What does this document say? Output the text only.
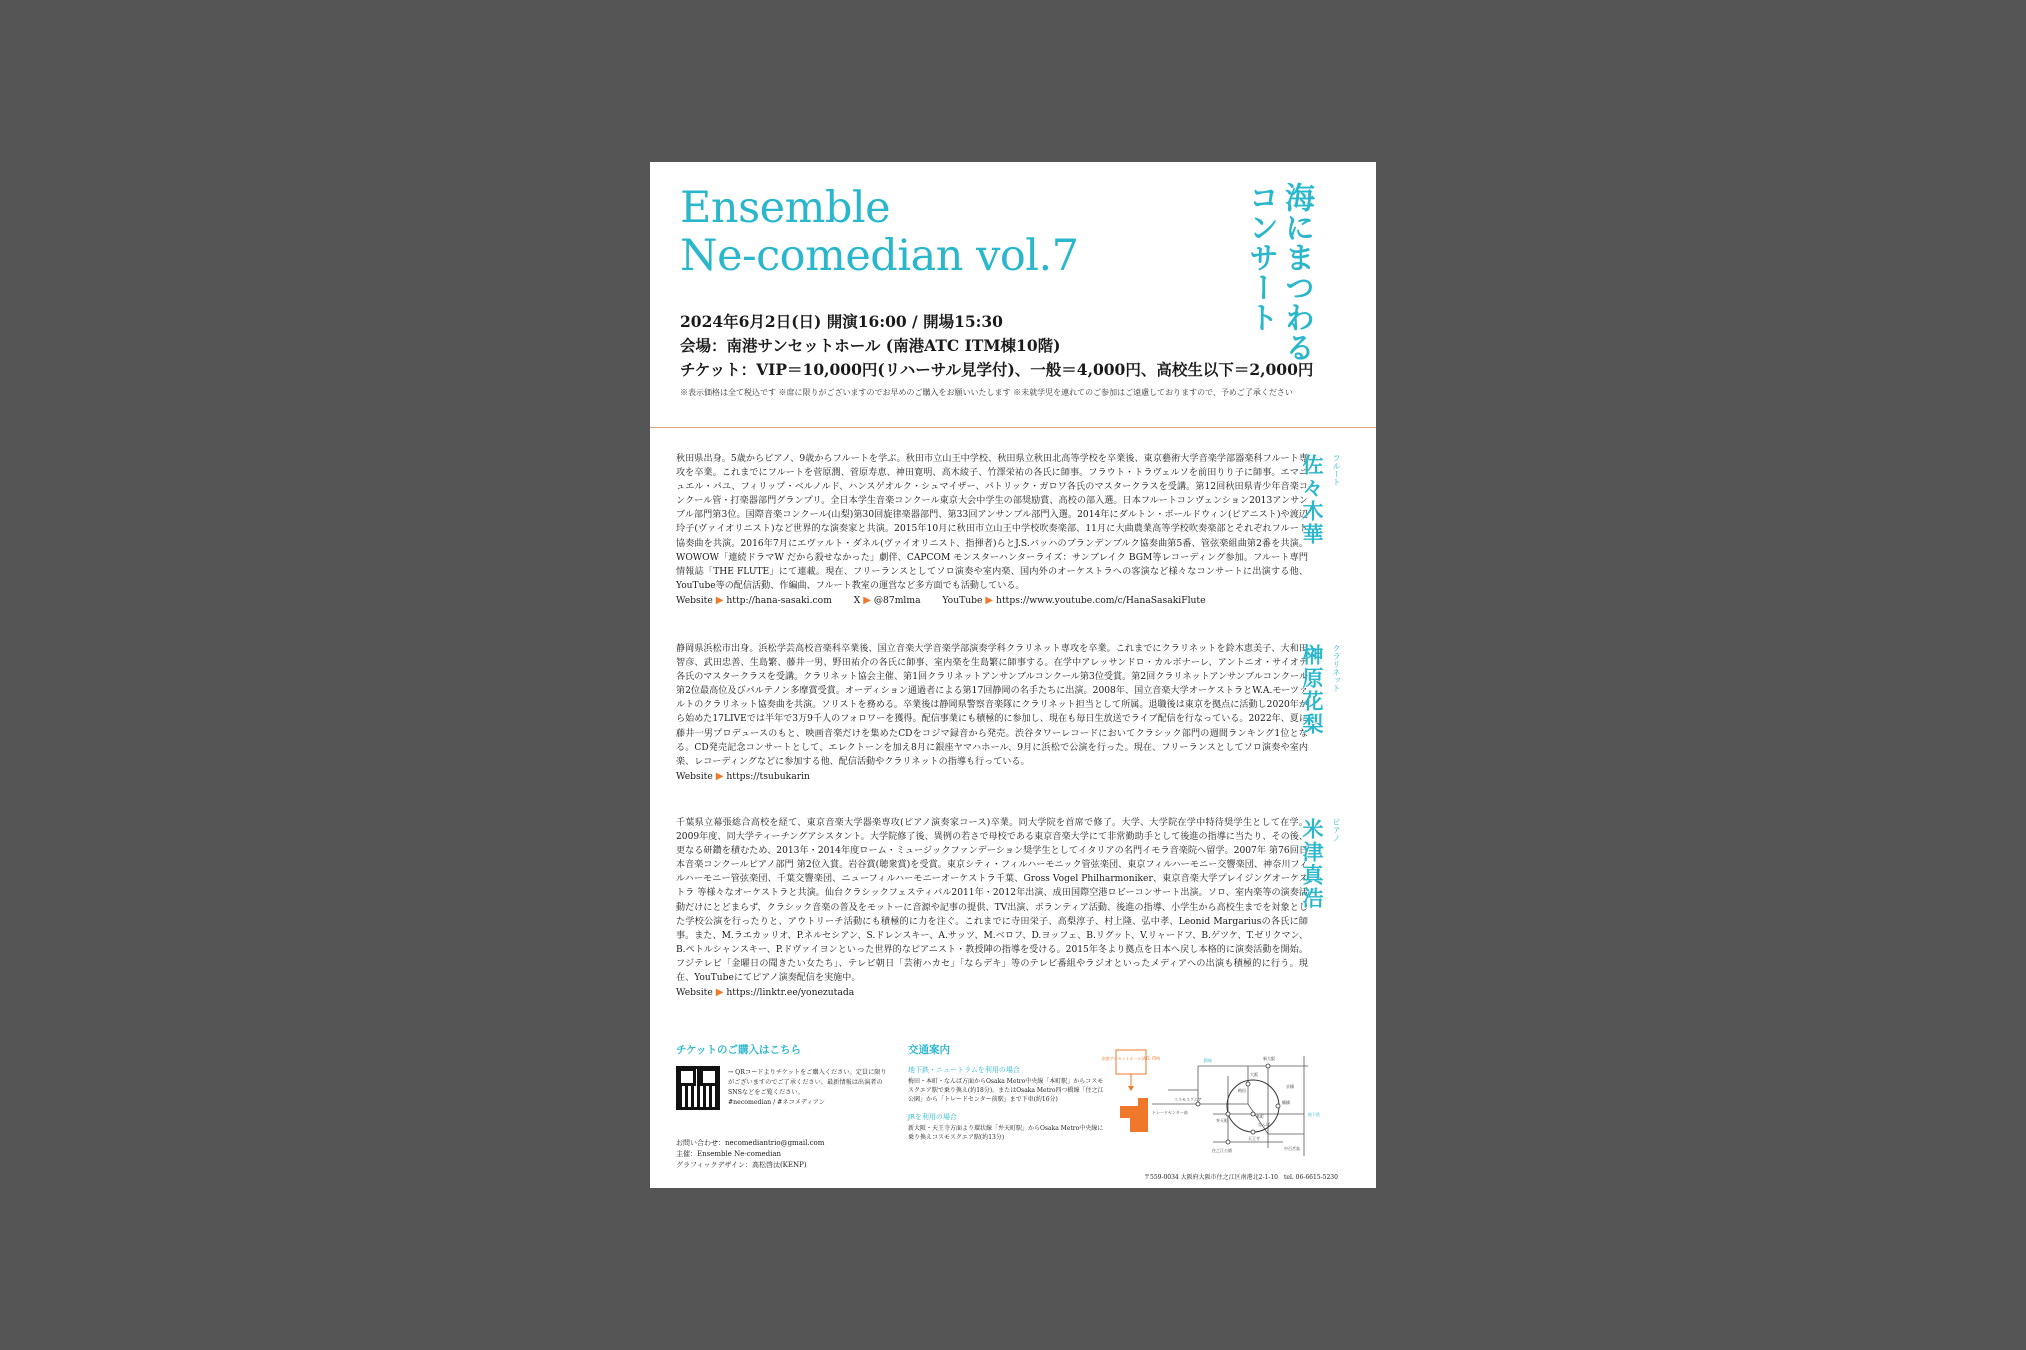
Ensemble
Ne-comedian vol.7	海にまつわるコンサート
2024年6月2日(日) 開演16:00 / 開場15:30
会場：南港サンセットホール (南港ATC ITM棟10階)
チケット：VIP＝10,000円(リハーサル見学付)、一般＝4,000円、高校生以下＝2,000円
※表示価格は全て税込です ※席に限りがございますのでお早めのご購入をお願いいたします ※未就学児を連れてのご参加はご遠慮しておりますので、予めご了承ください

秋田県出身。5歳からピアノ、9歳からフルートを学ぶ。秋田市立山王中学校、秋田県立秋田北高等学校を卒業後、東京藝術大学音楽学部器楽科フルート専攻を卒業。これまでにフルートを菅原潤、菅原寿恵、神田寛明、高木綾子、竹澤栄祐の各氏に師事。フラウト・トラヴェルソを前田りり子に師事。エマニュエル・パユ、フィリップ・ベルノルド、ハンスゲオルク・シュマイザー、パトリック・ガロワ各氏のマスタークラスを受講。第12回秋田県青少年音楽コンクール管・打楽器部門グランプリ。全日本学生音楽コンクール東京大会中学生の部奨励賞、高校の部入選。日本フルートコンヴェンション2013アンサンブル部門第3位。国際音楽コンクール(山梨)第30回旋律楽器部門、第33回アンサンブル部門入選。2014年にダルトン・ボールドウィン(ピアニスト)や渡辺玲子(ヴァイオリニスト)など世界的な演奏家と共演。2015年10月に秋田市立山王中学校吹奏楽部、11月に大曲農業高等学校吹奏楽部とそれぞれフルート協奏曲を共演。2016年7月にエヴァルト・ダネル(ヴァイオリニスト、指揮者)らとJ.S.バッハのブランデンブルク協奏曲第5番、管弦楽組曲第2番を共演。WOWOW「連続ドラマW だから殺せなかった」劇伴、CAPCOM モンスターハンターライズ：サンブレイク BGM等レコーディング参加。フルート専門情報誌「THE FLUTE」にて連載。現在、フリーランスとしてソロ演奏や室内楽、国内外のオーケストラへの客演など様々なコンサートに出演する他、YouTube等の配信活動、作編曲、フルート教室の運営など多方面でも活動している。

Website ▶ http://hana-sasaki.com X ▶ @87mlma YouTube ▶ https://www.youtube.com/c/HanaSasakiFlute
フルート
佐々木華

静岡県浜松市出身。浜松学芸高校音楽科卒業後、国立音楽大学音楽学部演奏学科クラリネット専攻を卒業。これまでにクラリネットを鈴木恵美子、大和田智彦、武田忠善、生島繁、藤井一男、野田祐介の各氏に師事、室内楽を生島繁に師事する。在学中アレッサンドロ・カルボナーレ、アントニオ・サイオテ各氏のマスタークラスを受講。クラリネット協会主催、第1回クラリネットアンサンブルコンクール第3位受賞。第2回クラリネットアンサンブルコンクール第2位最高位及びパルテノン多摩賞受賞。オーディション通過者による第17回静岡の名手たちに出演。2008年、国立音楽大学オーケストラとW.A.モーツァルトのクラリネット協奏曲を共演。ソリストを務める。卒業後は静岡県警察音楽隊にクラリネット担当として所属。退職後は東京を拠点に活動し2020年から始めた17LIVEでは半年で3万9千人のフォロワーを獲得。配信事業にも積極的に参加し、現在も毎日生放送でライブ配信を行なっている。2022年、夏に藤井一男プロデュースのもと、映画音楽だけを集めたCDをコジマ録音から発売。渋谷タワーレコードにおいてクラシック部門の週間ランキング1位となる。CD発売記念コンサートとして、エレクトーンを加え8月に銀座ヤマハホール、9月に浜松で公演を行った。現在、フリーランスとしてソロ演奏や室内楽、レコーディングなどに参加する他、配信活動やクラリネットの指導も行っている。

Website ▶ https://tsubukarin
クラリネット
榊原花梨

千葉県立幕張総合高校を経て、東京音楽大学器楽専攻(ピアノ演奏家コース)卒業。同大学院を首席で修了。大学、大学院在学中特待奨学生として在学。2009年度、同大学ティーチングアシスタント。大学院修了後、異例の若さで母校である東京音楽大学にて非常勤助手として後進の指導に当たり、その後、更なる研鑽を積むため、2013年・2014年度ローム・ミュージックファンデーション奨学生としてイタリアの名門イモラ音楽院へ留学。2007年 第76回日本音楽コンクールピアノ部門 第2位入賞。岩谷賞(聴衆賞)を受賞。東京シティ・フィルハーモニック管弦楽団、東京フィルハーモニー交響楽団、神奈川フィルハーモニー管弦楽団、千葉交響楽団、ニューフィルハーモニーオーケストラ千葉、Gross Vogel Philharmoniker、東京音楽大学プレイジングオーケストラ 等様々なオーケストラと共演。仙台クラシックフェスティバル2011年・2012年出演、成田国際空港ロビーコンサート出演。ソロ、室内楽等の演奏活動だけにとどまらず、クラシック音楽の普及をモットーに音源や記事の提供、TV出演、ボランティア活動、後進の指導、小学生から高校生までを対象とした学校公演を行ったりと、アウトリーチ活動にも積極的に力を注ぐ。これまでに寺田栄子、高梨淳子、村上隆、弘中孝、Leonid Margariusの各氏に師事。また、M.ラエカッリオ、P.ネルセシアン、S.ドレンスキー、A.サッツ、M.ベロフ、D.ヨッフェ、B.リグット、V.リャードフ、B.ゲツケ、T.ゼリクマン、B.ペトルシャンスキー、P.ドヴァイヨンといった世界的なピアニスト・教授陣の指導を受ける。2015年冬より拠点を日本へ戻し本格的に演奏活動を開始。フジテレビ「金曜日の聞きたい女たち」、テレビ朝日「芸術ハカセ」「ならデキ」等のテレビ番組やラジオといったメディアへの出演も積極的に行う。現在、YouTubeにてピアノ演奏配信を実施中。

Website ▶ https://linktr.ee/yonezutada
ピアノ
米津真浩
チケットのご購入はこちら
→ QRコードよりチケットをご購入ください。定員に限りがございますのでご了承ください。最新情報は出演者のSNSなどをご覧ください。
#necomedian / #ネコメディアン
お問い合わせ：necomediantrio@gmail.com
主催：Ensemble Ne-comedian
グラフィックデザイン：高松啓汰(KENP)
交通案内
地下鉄・ニュートラムを利用の場合
梅田・本町・なんば方面からOsaka Metro中央線「本町駅」からコスモスクエア駅で乗り換え(約18分)。またはOsaka Metro四つ橋線「住之江公園」から「トレードセンター前駅」まで下車(約16分)
JRを利用の場合
新大阪・天王寺方面より環状線「弁天町駅」からOsaka Metro中央線に乗り換えコスモスクエア駅(約13分)
南港サンセットホール(ATC ITM)
コスモスクエア
トレードセンター前
弁天町
本町
梅田
大阪
新大阪
天王寺
なんば
鶴橋
京橋
住之江公園	中百舌鳥
JR線
地下鉄
〒559-0034 大阪府大阪市住之江区南港北2-1-10　tel. 06-6615-5230
